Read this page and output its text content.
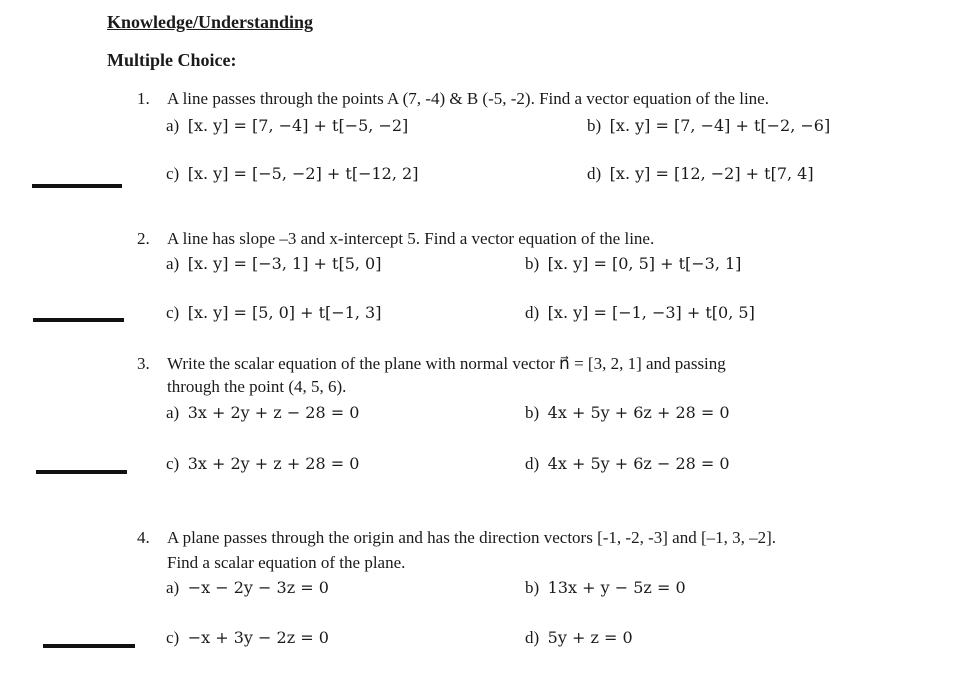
Knowledge/Understanding
Multiple Choice:
1. A line passes through the points A (7, -4) & B (-5, -2). Find a vector equation of the line.
a) [x. y] = [7, −4] + t[−5, −2]	b) [x. y] = [7, −4] + t[−2, −6]
c) [x. y] = [−5, −2] + t[−12, 2]	d) [x. y] = [12, −2] + t[7, 4]
2. A line has slope –3 and x-intercept 5. Find a vector equation of the line.
a) [x. y] = [−3, 1] + t[5, 0]	b) [x. y] = [0, 5] + t[−3, 1]
c) [x. y] = [5, 0] + t[−1, 3]	d) [x. y] = [−1, −3] + t[0, 5]
3. Write the scalar equation of the plane with normal vector n⃗ = [3, 2, 1] and passing
through the point (4, 5, 6).
a) 3x + 2y + z − 28 = 0	b) 4x + 5y + 6z + 28 = 0
c) 3x + 2y + z + 28 = 0	d) 4x + 5y + 6z − 28 = 0
4. A plane passes through the origin and has the direction vectors [-1, -2, -3] and [–1, 3, –2].
Find a scalar equation of the plane.
a) −x − 2y − 3z = 0	b) 13x + y − 5z = 0
c) −x + 3y − 2z = 0	d) 5y + z = 0
